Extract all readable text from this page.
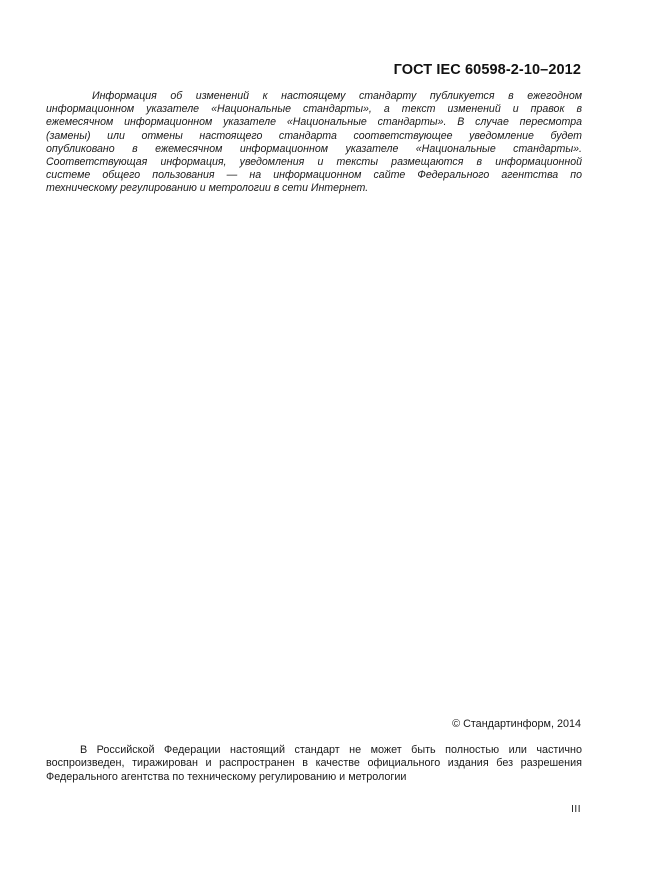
ГОСТ IEC 60598-2-10–2012
Информация об изменений к настоящему стандарту публикуется в ежегодном
информационном указателе «Национальные стандарты», а текст изменений и правок в
ежемесячном информационном указателе «Национальные стандарты». В случае пересмотра
(замены) или отмены настоящего стандарта соответствующее уведомление будет
опубликовано в ежемесячном информационном указателе «Национальные стандарты».
Соответствующая информация, уведомления и тексты размещаются в информационной
системе общего пользования — на информационном сайте Федерального агентства по
техническому регулированию и метрологии в сети Интернет.
© Стандартинформ, 2014
В Российской Федерации настоящий стандарт не может быть полностью или частично
воспроизведен, тиражирован и распространен в качестве официального издания без разрешения
Федерального агентства по техническому регулированию и метрологии
III
